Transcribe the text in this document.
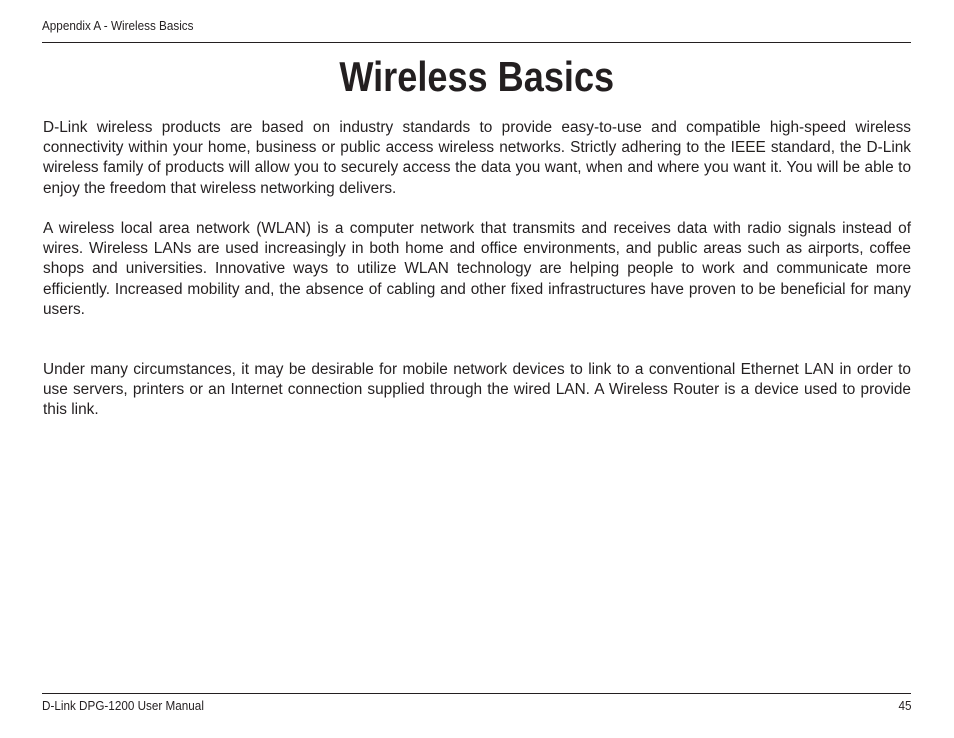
Appendix A - Wireless Basics
Wireless Basics

D-Link wireless products are based on industry standards to provide easy-to-use and compatible high-speed wireless connectivity within your home, business or public access wireless networks. Strictly adhering to the IEEE standard, the D-Link wireless family of products will allow you to securely access the data you want, when and where you want it. You will be able to enjoy the freedom that wireless networking delivers.

A wireless local area network (WLAN) is a computer network that transmits and receives data with radio signals instead of wires. Wireless LANs are used increasingly in both home and office environments, and public areas such as airports, coffee shops and universities. Innovative ways to utilize WLAN technology are helping people to work and communicate more efficiently. Increased mobility and, the absence of cabling and other fixed infrastructures have proven to be beneficial for many users.

Under many circumstances, it may be desirable for mobile network devices to link to a conventional Ethernet LAN in order to use servers, printers or an Internet connection supplied through the wired LAN. A Wireless Router is a device used to provide this link.

D-Link DPG-1200 User Manual	45
